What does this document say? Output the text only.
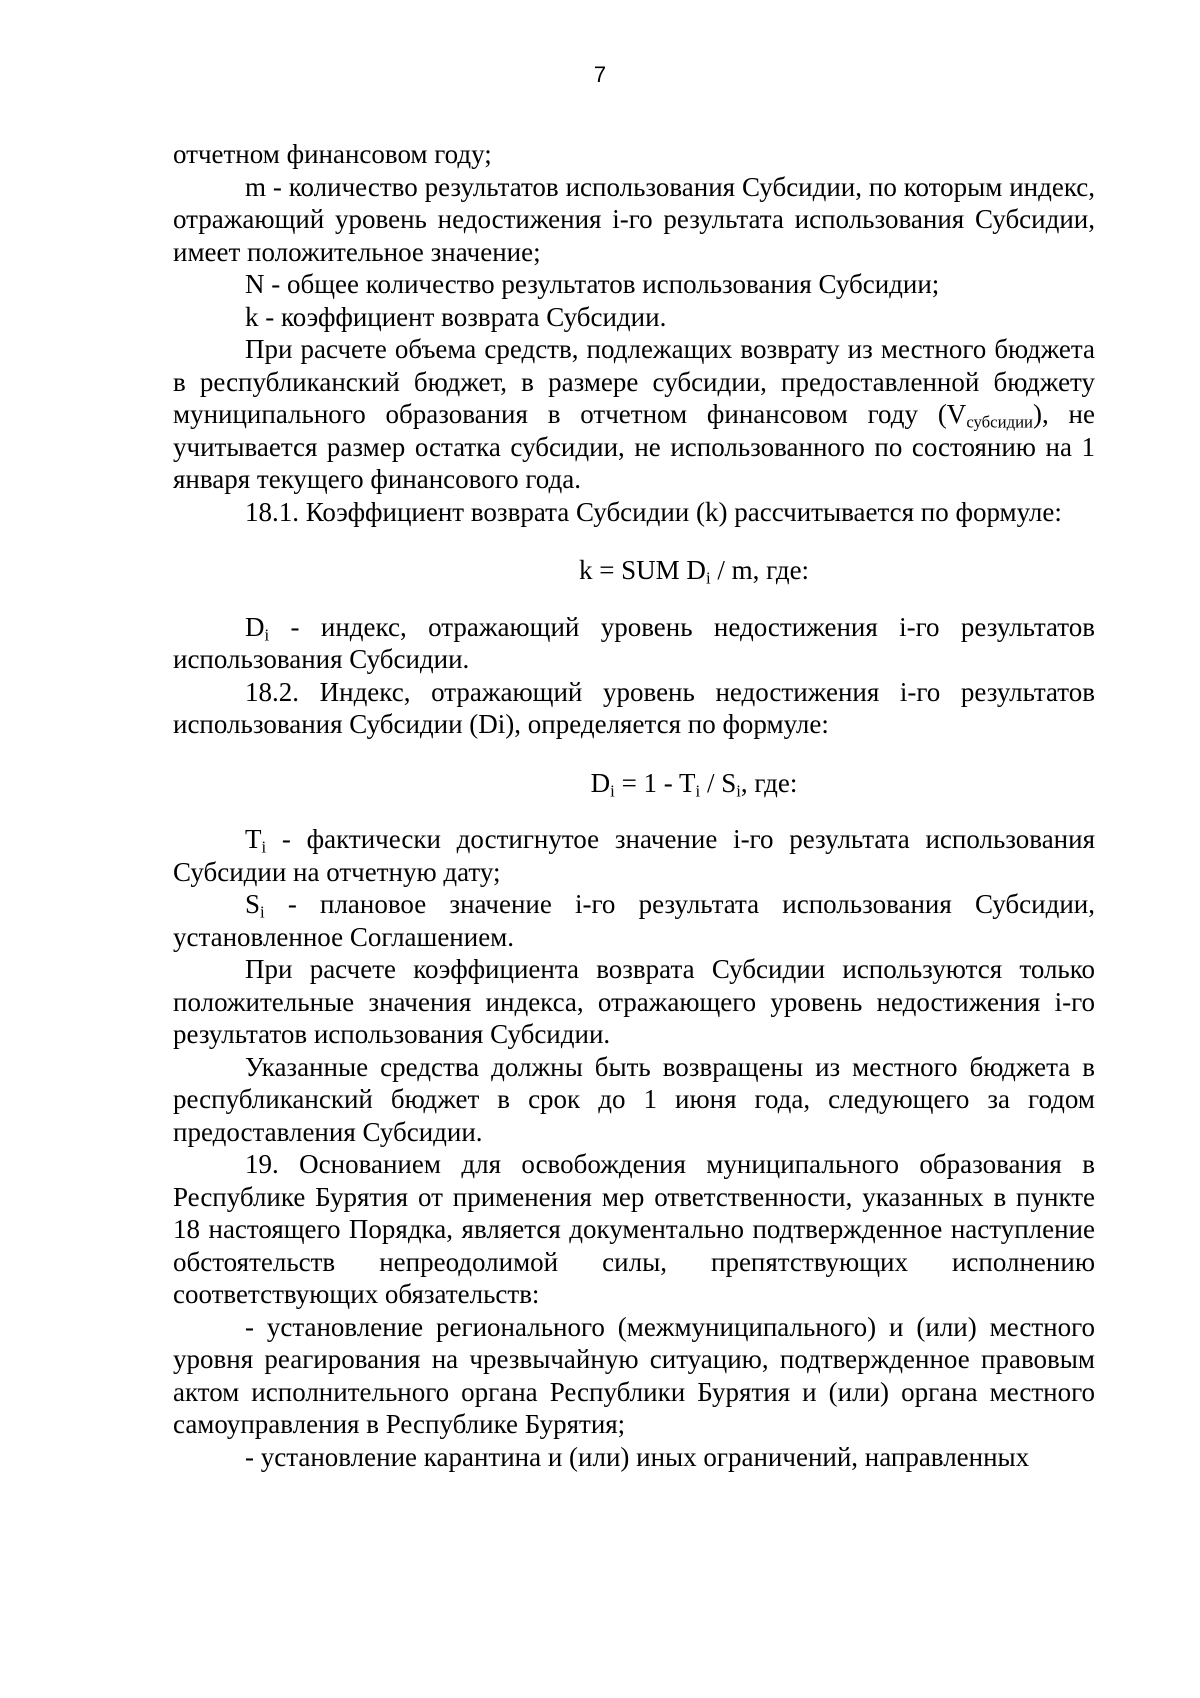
7

отчетном финансовом году;

m - количество результатов использования Субсидии, по которым индекс, отражающий уровень недостижения i-го результата использования Субсидии, имеет положительное значение;

N - общее количество результатов использования Субсидии;

k - коэффициент возврата Субсидии.

При расчете объема средств, подлежащих возврату из местного бюджета в республиканский бюджет, в размере субсидии, предоставленной бюджету муниципального образования в отчетном финансовом году $(V_{субсидии})$, не учитывается размер остатка субсидии, не использованного по состоянию на 1 января текущего финансового года.

18.1. Коэффициент возврата Субсидии (k) рассчитывается по формуле:

k = SUM $D_i$ / m, где:

$D_i$ - индекс, отражающий уровень недостижения i-го результатов использования Субсидии.

18.2. Индекс, отражающий уровень недостижения i-го результатов использования Субсидии (Di), определяется по формуле:

$D_i = 1 - T_i / S_i$, где:

$T_i$ - фактически достигнутое значение i-го результата использования Субсидии на отчетную дату;

$S_i$ - плановое значение i-го результата использования Субсидии, установленное Соглашением.

При расчете коэффициента возврата Субсидии используются только положительные значения индекса, отражающего уровень недостижения i-го результатов использования Субсидии.

Указанные средства должны быть возвращены из местного бюджета в республиканский бюджет в срок до 1 июня года, следующего за годом предоставления Субсидии.

19. Основанием для освобождения муниципального образования в Республике Бурятия от применения мер ответственности, указанных в пункте 18 настоящего Порядка, является документально подтвержденное наступление обстоятельств непреодолимой силы, препятствующих исполнению соответствующих обязательств:

- установление регионального (межмуниципального) и (или) местного уровня реагирования на чрезвычайную ситуацию, подтвержденное правовым актом исполнительного органа Республики Бурятия и (или) органа местного самоуправления в Республике Бурятия;

- установление карантина и (или) иных ограничений, направленных
